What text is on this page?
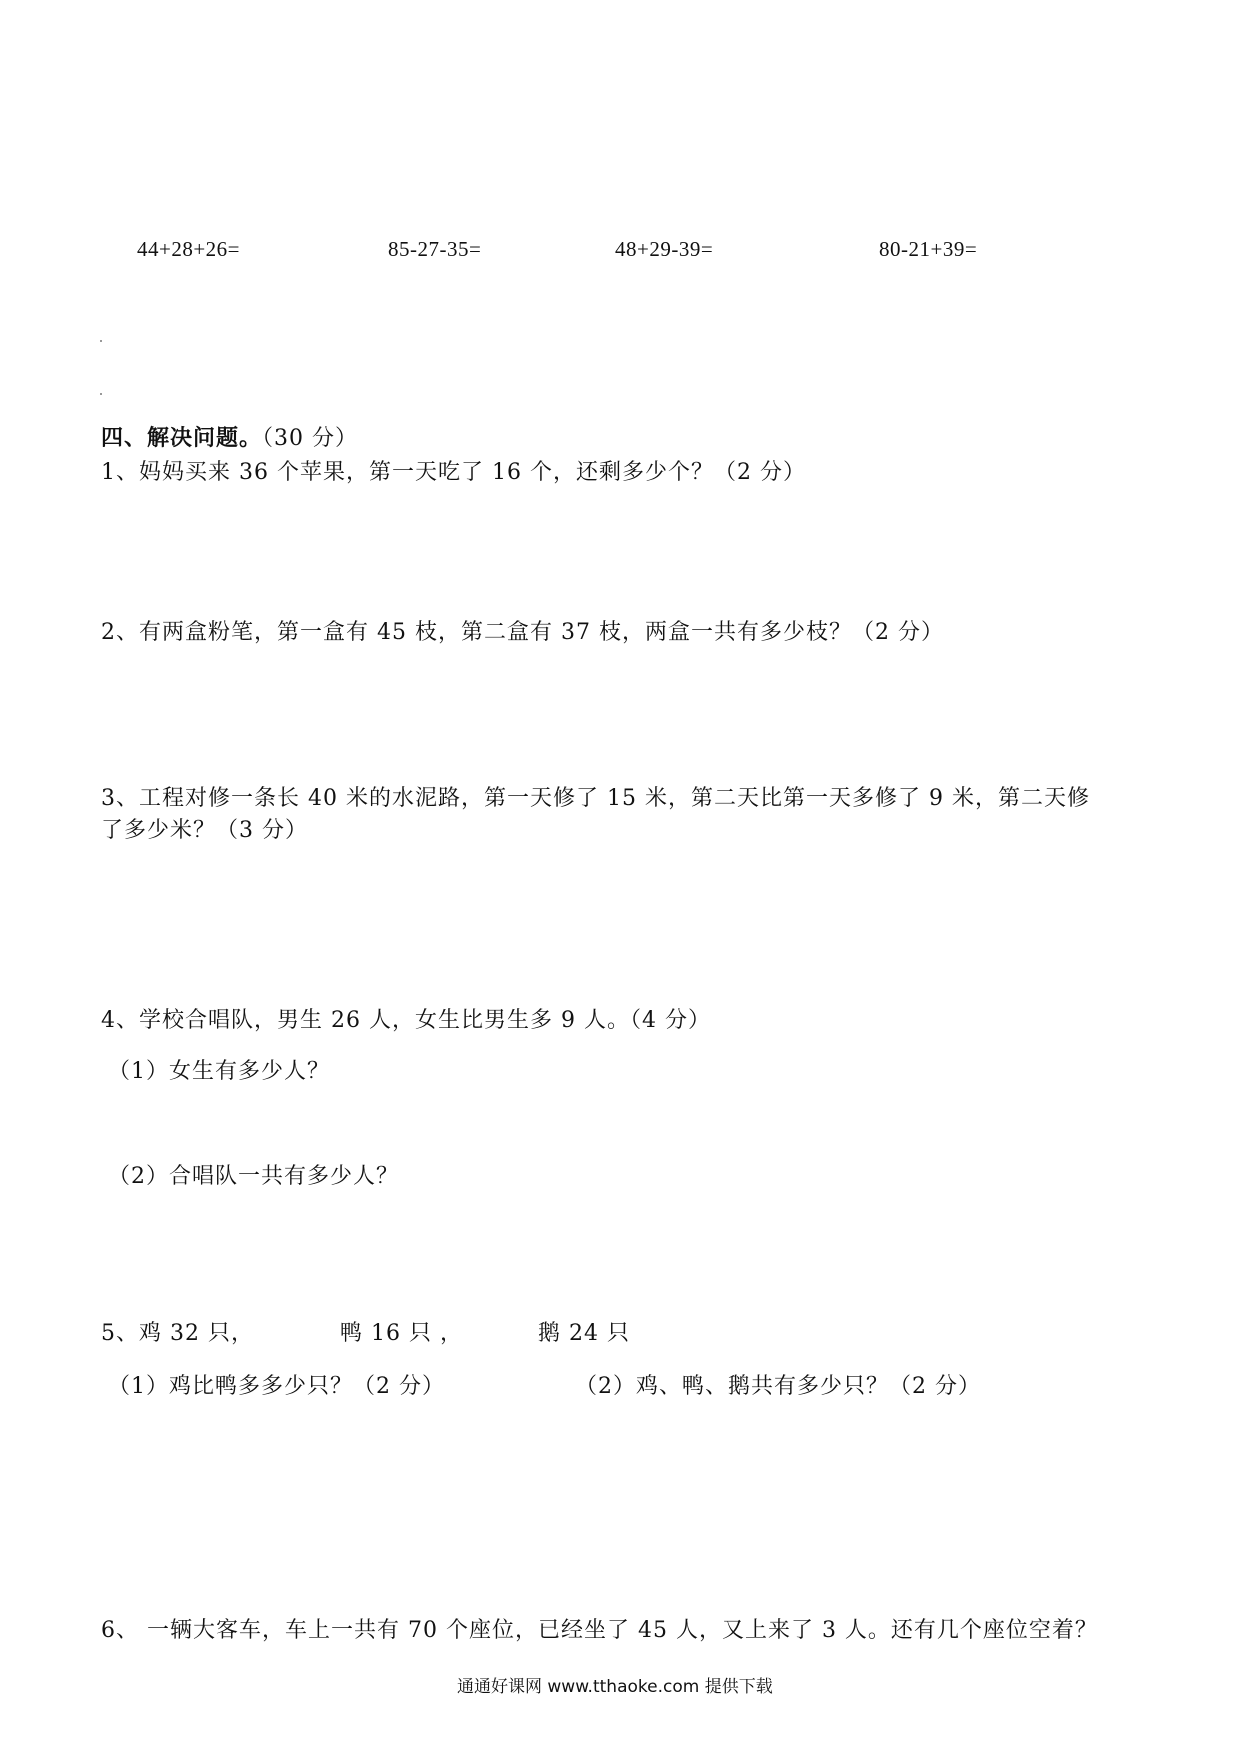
44+28+26=	85-27-35=	48+29-39=	80-21+39=
四、解决问题。（30 分）
1、妈妈买来 36 个苹果，第一天吃了 16 个，还剩多少个？（2 分）
2、有两盒粉笔，第一盒有 45 枝，第二盒有 37 枝，两盒一共有多少枝？（2 分）
3、工程对修一条长 40 米的水泥路，第一天修了 15 米，第二天比第一天多修了 9 米，第二天修
了多少米？（3 分）
4、学校合唱队，男生 26 人，女生比男生多 9 人。（4 分）
（1）女生有多少人？
（2）合唱队一共有多少人？
5、鸡 32 只，	鸭 16 只 ，	鹅 24 只
（1）鸡比鸭多多少只？（2 分）	（2）鸡、鸭、鹅共有多少只？（2 分）
6、 一辆大客车，车上一共有 70 个座位，已经坐了 45 人，又上来了 3 人。还有几个座位空着？
通通好课网 www.tthaoke.com 提供下载
